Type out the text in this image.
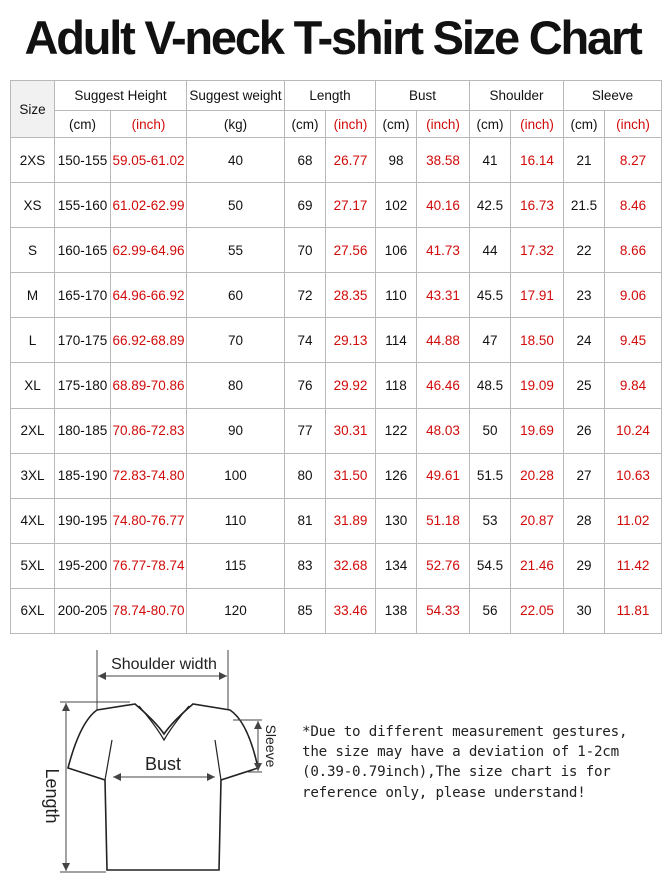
Adult V-neck T-shirt Size Chart
Size	Suggest Height		Suggest weight	Length		Bust		Shoulder		Sleeve	
	(cm)	(inch)	(kg)	(cm)	(inch)	(cm)	(inch)	(cm)	(inch)	(cm)	(inch)
2XS	150-155	59.05-61.02	40	68	26.77	98	38.58	41	16.14	21	8.27
XS	155-160	61.02-62.99	50	69	27.17	102	40.16	42.5	16.73	21.5	8.46
S	160-165	62.99-64.96	55	70	27.56	106	41.73	44	17.32	22	8.66
M	165-170	64.96-66.92	60	72	28.35	110	43.31	45.5	17.91	23	9.06
L	170-175	66.92-68.89	70	74	29.13	114	44.88	47	18.50	24	9.45
XL	175-180	68.89-70.86	80	76	29.92	118	46.46	48.5	19.09	25	9.84
2XL	180-185	70.86-72.83	90	77	30.31	122	48.03	50	19.69	26	10.24
3XL	185-190	72.83-74.80	100	80	31.50	126	49.61	51.5	20.28	27	10.63
4XL	190-195	74.80-76.77	110	81	31.89	130	51.18	53	20.87	28	11.02
5XL	195-200	76.77-78.74	115	83	32.68	134	52.76	54.5	21.46	29	11.42
6XL	200-205	78.74-80.70	120	85	33.46	138	54.33	56	22.05	30	11.81
Shoulder width
Bust	Sleeve
Length
*Due to different measurement gestures, the size may have a deviation of 1-2cm (0.39-0.79inch),The size chart is for reference only, please understand!
